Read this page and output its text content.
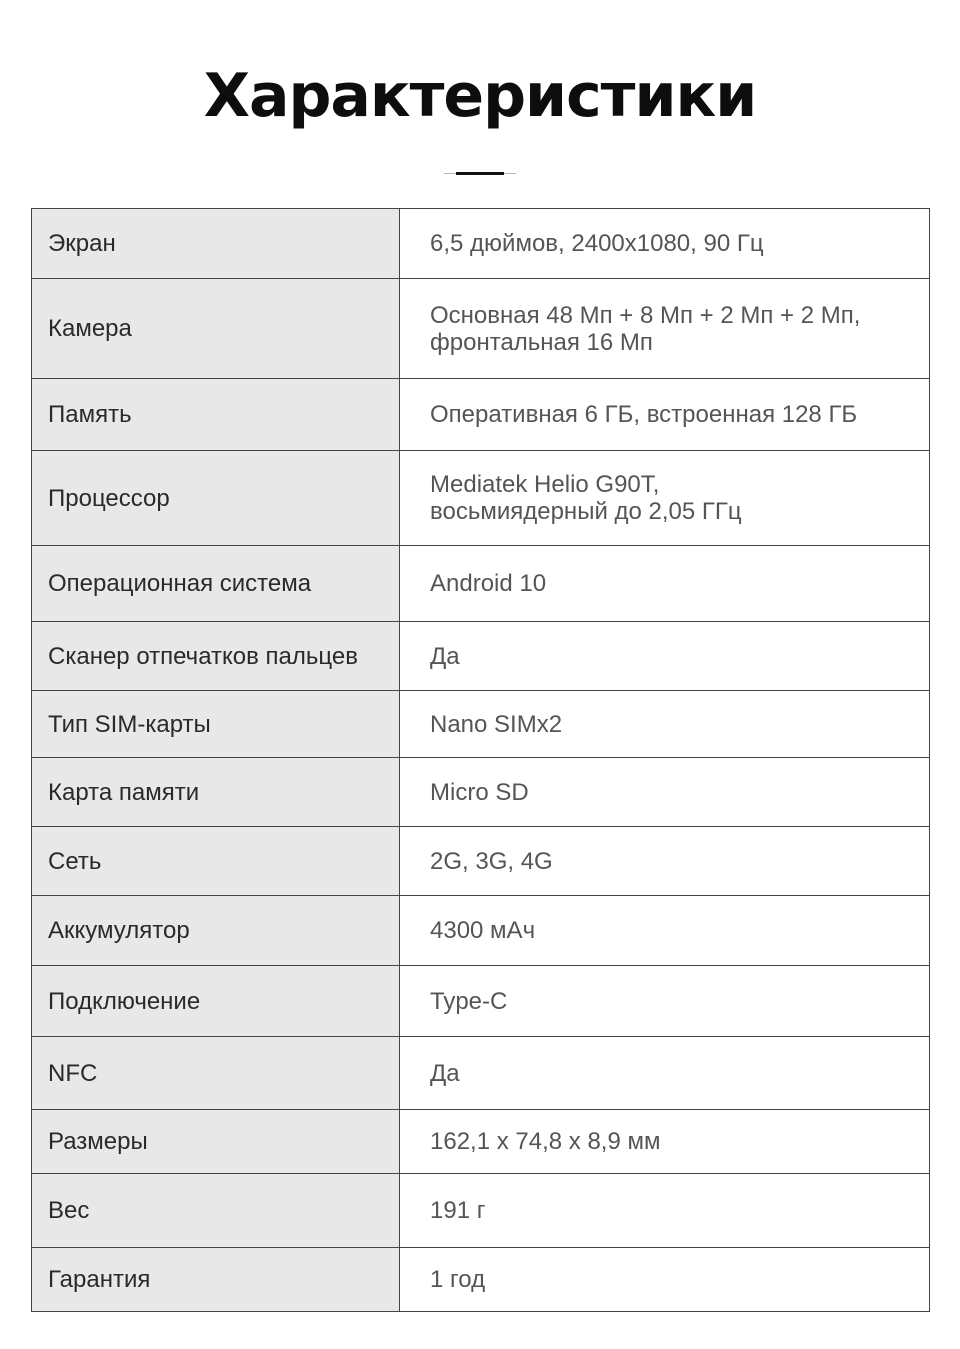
Характеристики
Экран	6,5 дюймов, 2400x1080, 90 Гц

Камера	Основная 48 Мп + 8 Мп + 2 Мп + 2 Мп,
фронтальная 16 Мп

Память	Оперативная 6 ГБ, встроенная 128 ГБ

Процессор	Mediatek Helio G90T,
восьмиядерный до 2,05 ГГц

Операционная система	Android 10

Сканер отпечатков пальцев	Да

Тип SIM-карты	Nano SIMx2

Карта памяти	Micro SD

Сеть	2G, 3G, 4G

Аккумулятор	4300 мАч

Подключение	Type-C

NFC	Да

Размеры	162,1 x 74,8 x 8,9 мм

Вес	191 г

Гарантия	1 год
